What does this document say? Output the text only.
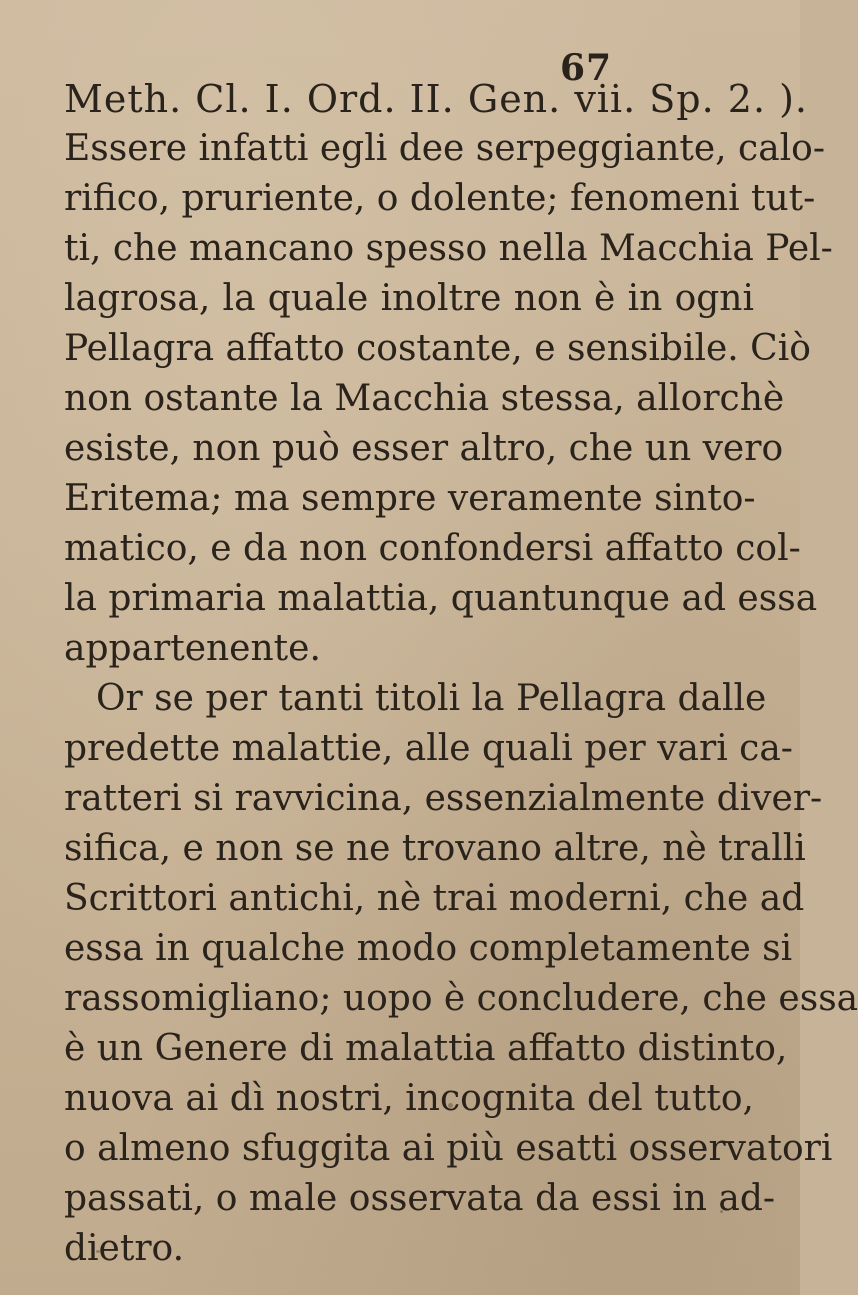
67
Meth. Cl. I. Ord. II. Gen. vii. Sp. 2. ).
Essere infatti egli dee serpeggiante, calo-
rifico, pruriente, o dolente; fenomeni tut-
ti, che mancano spesso nella Macchia Pel-
lagrosa, la quale inoltre non è in ogni
Pellagra affatto costante, e sensibile. Ciò
non ostante la Macchia stessa, allorchè
esiste, non può esser altro, che un vero
Eritema; ma sempre veramente sinto-
matico, e da non confondersi affatto col-
la primaria malattia, quantunque ad essa
appartenente.
Or se per tanti titoli la Pellagra dalle
predette malattie, alle quali per vari ca-
ratteri si ravvicina, essenzialmente diver-
sifica, e non se ne trovano altre, nè tralli
Scrittori antichi, nè trai moderni, che ad
essa in qualche modo completamente si
rassomigliano; uopo è concludere, che essa
è un Genere di malattia affatto distinto,
nuova ai dì nostri, incognita del tutto,
o almeno sfuggita ai più esatti osservatori
passati, o male osservata da essi in ad-
dietro.
